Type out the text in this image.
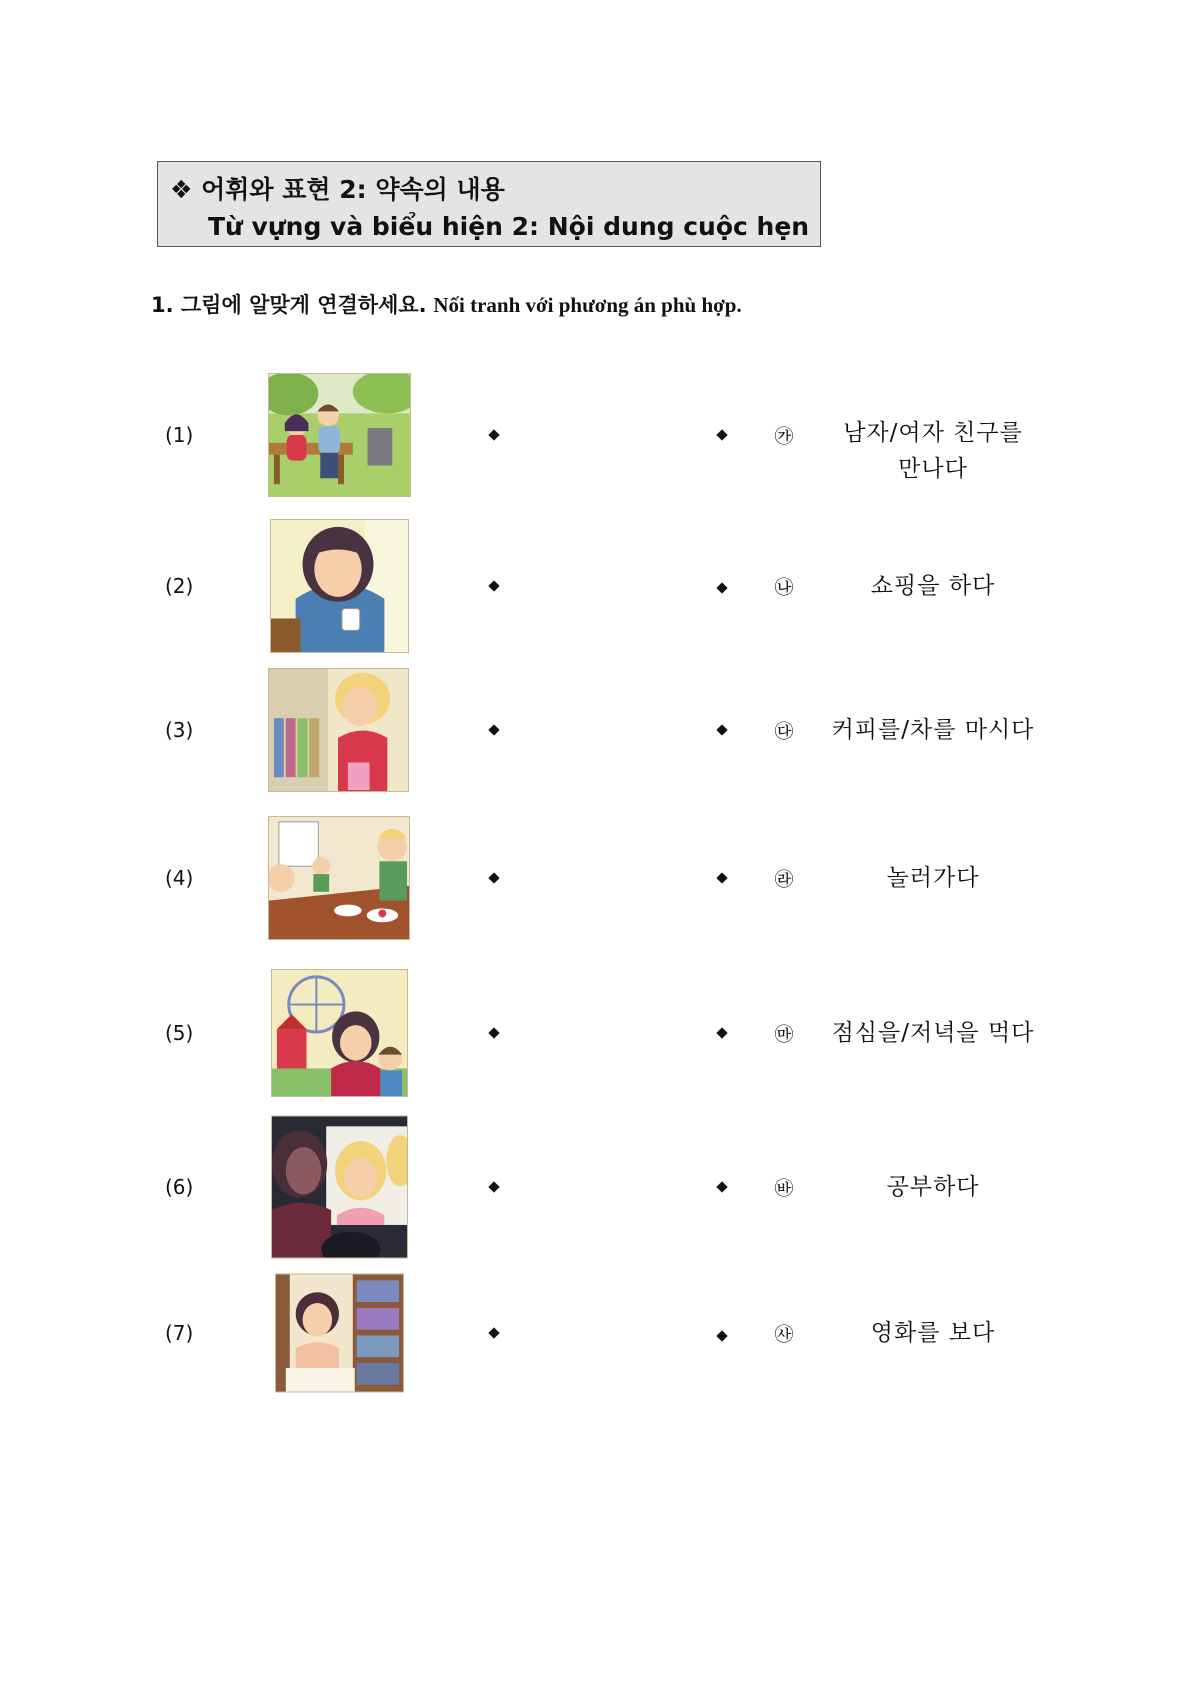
❖ 어휘와 표현 2: 약속의 내용
Từ vựng và biểu hiện 2: Nội dung cuộc hẹn
1. 그림에 알맞게 연결하세요. Nối tranh với phương án phù hợp.
(1)	㉮	남자/여자 친구를
만나다
(2)	㉯	쇼핑을 하다
(3)	㉰	커피를/차를 마시다
(4)	㉱	놀러가다
(5)	㉲	점심을/저녁을 먹다
(6)	㉳	공부하다
(7)	㉴	영화를 보다
